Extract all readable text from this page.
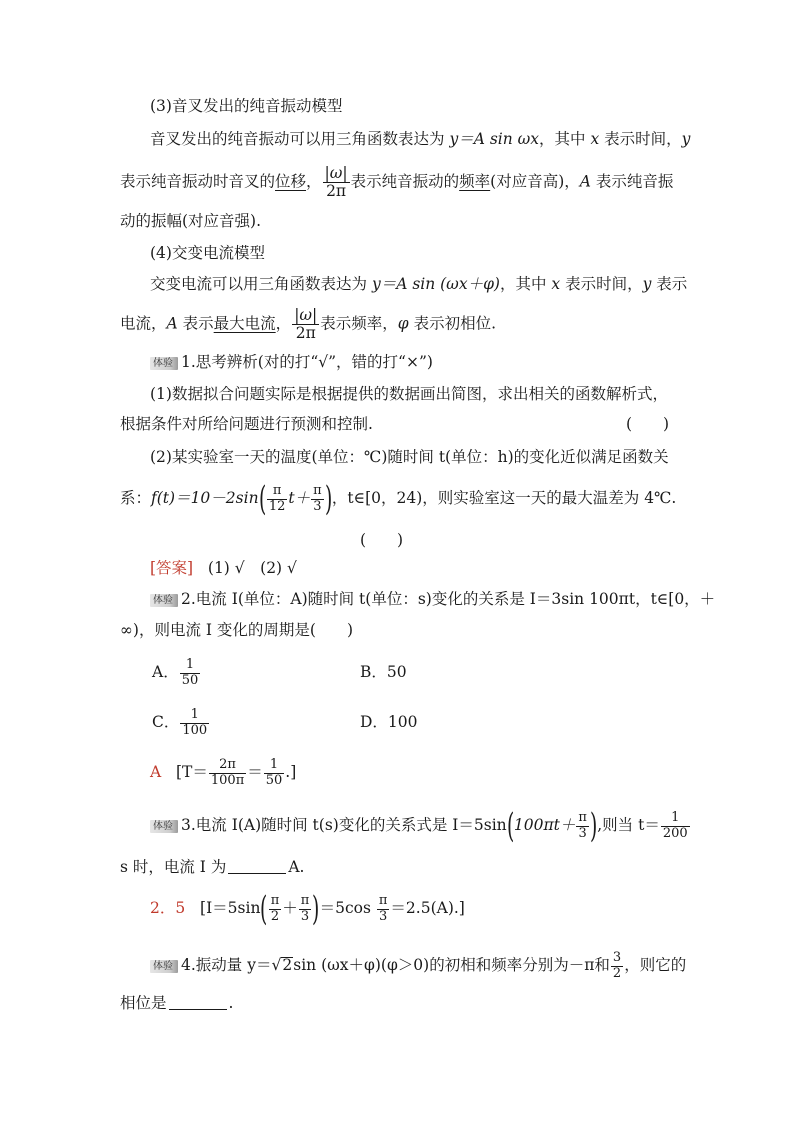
(3)音叉发出的纯音振动模型
音叉发出的纯音振动可以用三角函数表达为 y＝A sin ωx，其中 x 表示时间，y
表示纯音振动时音叉的位移， $\frac{|\omega|}{2\pi}$ 表示纯音振动的频率(对应音高)，A 表示纯音振
动的振幅(对应音强).
(4)交变电流模型
交变电流可以用三角函数表达为 y＝A sin (ωx＋φ)，其中 x 表示时间，y 表示
电流，A 表示最大电流， $\frac{|\omega|}{2\pi}$ 表示频率，φ 表示初相位.
体验 1.思考辨析(对的打“√”，错的打“×”)
(1)数据拟合问题实际是根据提供的数据画出简图，求出相关的函数解析式，
根据条件对所给问题进行预测和控制.	(　　)
(2)某实验室一天的温度(单位：℃)随时间 t(单位：h)的变化近似满足函数关
系：$f(t)=10-2\sin( \frac{\pi}{12} t+ \frac{\pi}{3}$ )，t∈[0，24)，则实验室这一天的最大温差为 4℃.
(　　)
[答案] (1) √　(2) √
体验 2.电流 I(单位：A)随时间 t(单位：s)变化的关系是 I＝3sin 100πt，t∈[0，＋
∞)，则电流 I 变化的周期是(　　)
A． $\frac{1}{50}$	B．50
C． $\frac{1}{100}$	D．100
A [$T= \frac{2\pi}{100\pi} = \frac{1}{50}$ .]
体验 3.电流 I(A)随时间 t(s)变化的关系式是 $I=5\sin(100\pi t+ \frac{\pi}{3}$ ),则当 $t= \frac{1}{200}$
s 时，电流 I 为	A.
2．5 $[I=5\sin( \frac{\pi}{2} + \frac{\pi}{3} )=5\cos \frac{\pi}{3} =2.5(A).]$
体验 4.振动量 y＝√2sin (ωx＋φ)(φ＞0)的初相和频率分别为－π和 $\frac{3}{2}$ ，则它的
相位是	.
